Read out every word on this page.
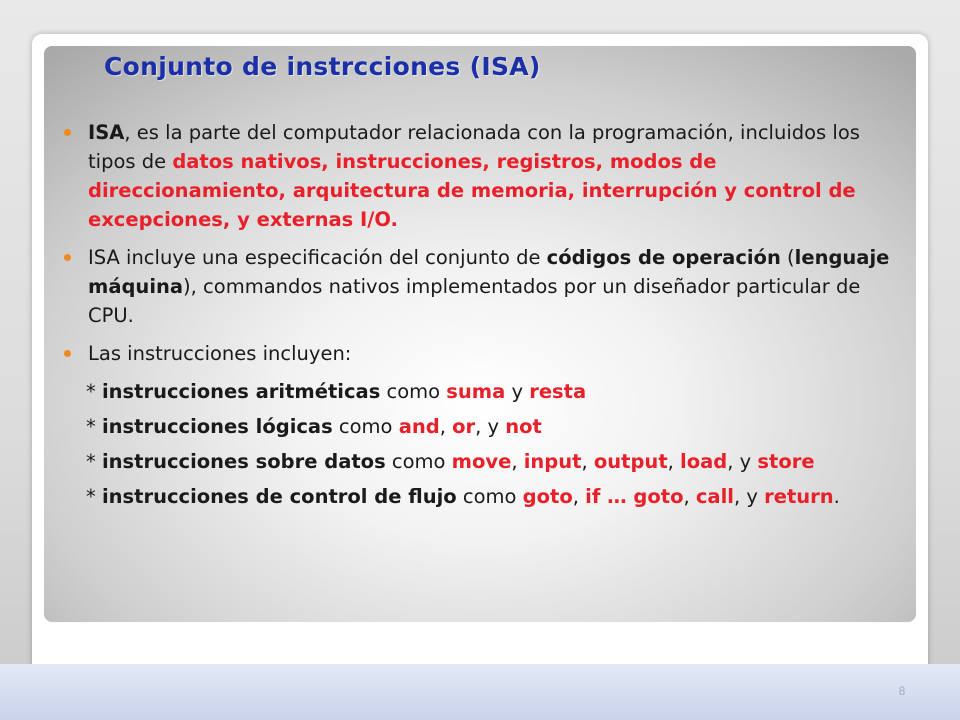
Conjunto de instrcciones (ISA)
ISA, es la parte del computador relacionada con la programación, incluidos los tipos de datos nativos, instrucciones, registros, modos de direccionamiento, arquitectura de memoria, interrupción y control de excepciones, y externas I/O.
ISA incluye una especificación del conjunto de códigos de operación (lenguaje máquina), commandos nativos implementados por un diseñador particular de CPU.
Las instrucciones incluyen:
* instrucciones aritméticas como suma y resta
* instrucciones lógicas como and, or, y not
* instrucciones sobre datos como move, input, output, load, y store
* instrucciones de control de flujo como goto, if … goto, call, y return.
8
